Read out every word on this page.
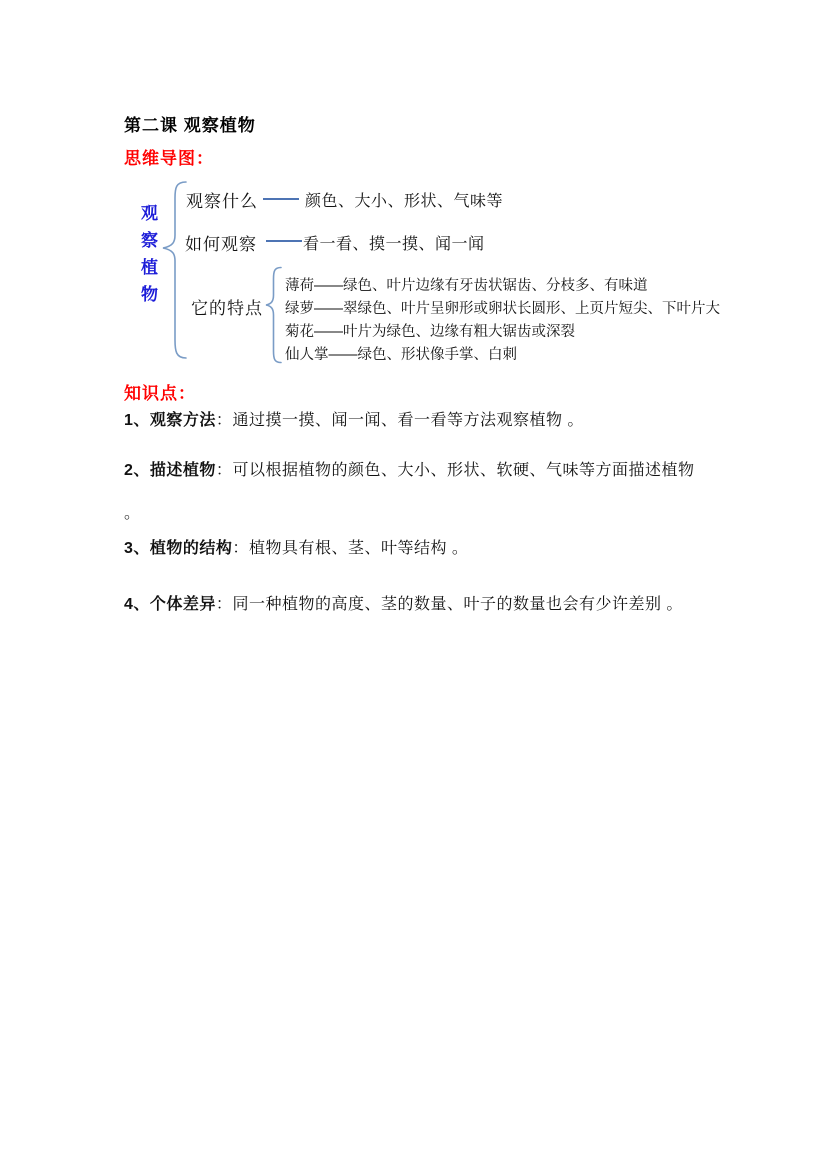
第二课 观察植物
思维导图：
观察植物
观察什么	颜色、大小、形状、气味等
如何观察	看一看、摸一摸、闻一闻
它的特点
薄荷——绿色、叶片边缘有牙齿状锯齿、分枝多、有味道
绿萝——翠绿色、叶片呈卵形或卵状长圆形、上页片短尖、下叶片大
菊花——叶片为绿色、边缘有粗大锯齿或深裂
仙人掌——绿色、形状像手掌、白刺
知识点：
1、观察方法：通过摸一摸、闻一闻、看一看等方法观察植物 。
2、描述植物：可以根据植物的颜色、大小、形状、软硬、气味等方面描述植物
。
3、植物的结构：植物具有根、茎、叶等结构 。
4、个体差异：同一种植物的高度、茎的数量、叶子的数量也会有少许差别 。
